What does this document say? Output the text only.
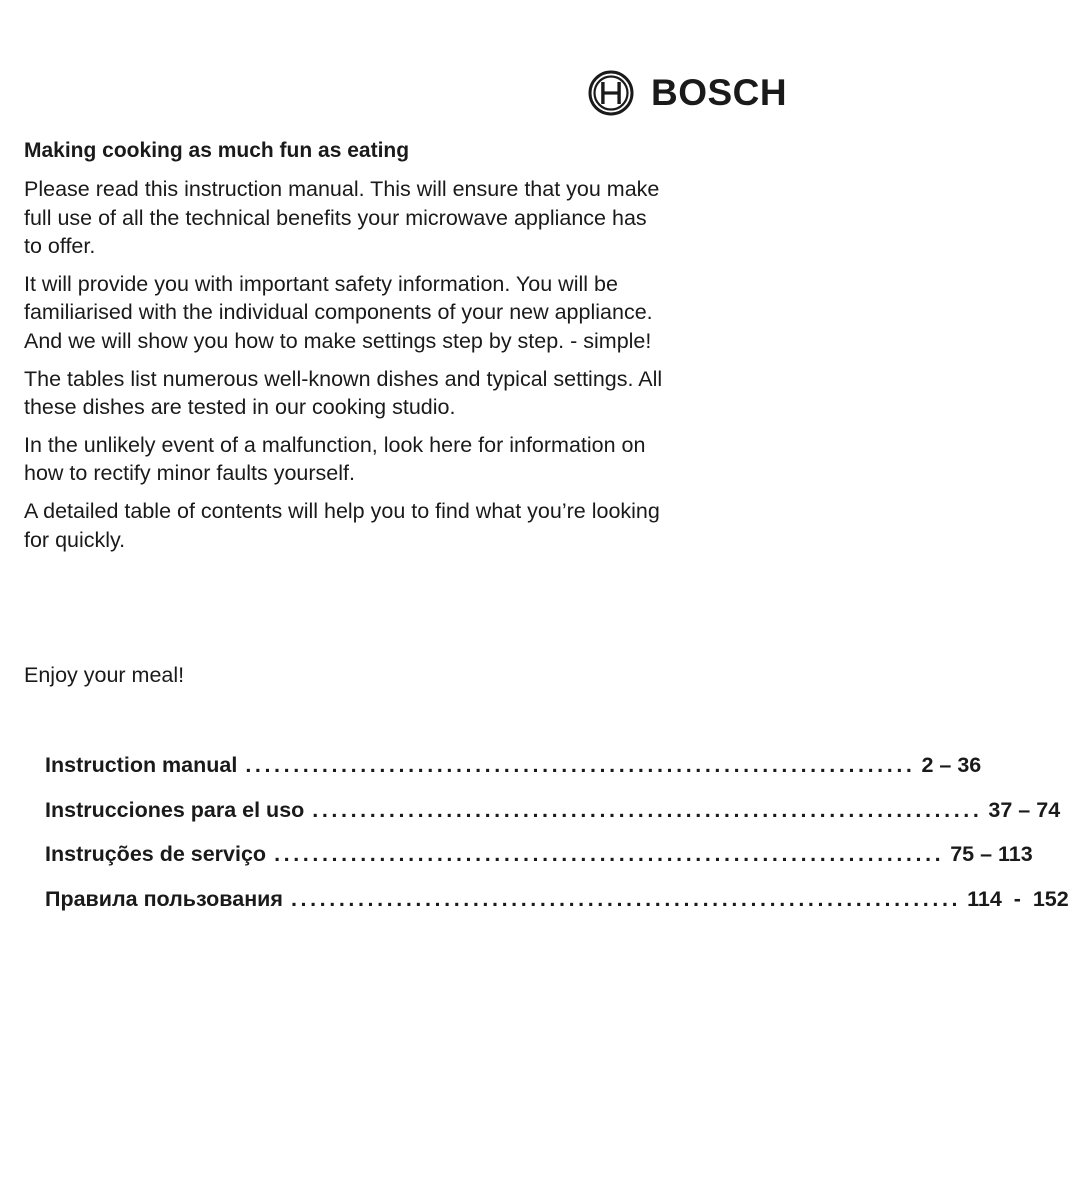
BOSCH

Making cooking as much fun as eating

Please read this instruction manual. This will ensure that you make full use of all the technical benefits your microwave appliance has to offer.

It will provide you with important safety information. You will be familiarised with the individual components of your new appliance. And we will show you how to make settings step by step. - simple!

The tables list numerous well-known dishes and typical settings. All these dishes are tested in our cooking studio.

In the unlikely event of a malfunction, look here for information on how to rectify minor faults yourself.

A detailed table of contents will help you to find what you’re looking for quickly.

Enjoy your meal!

Instruction manual ...................................................................... 2 – 36
Instrucciones para el uso ...................................................................... 37 – 74
Instruções de serviço ...................................................................... 75 – 113
Правила пользования ...................................................................... 114  -  152
